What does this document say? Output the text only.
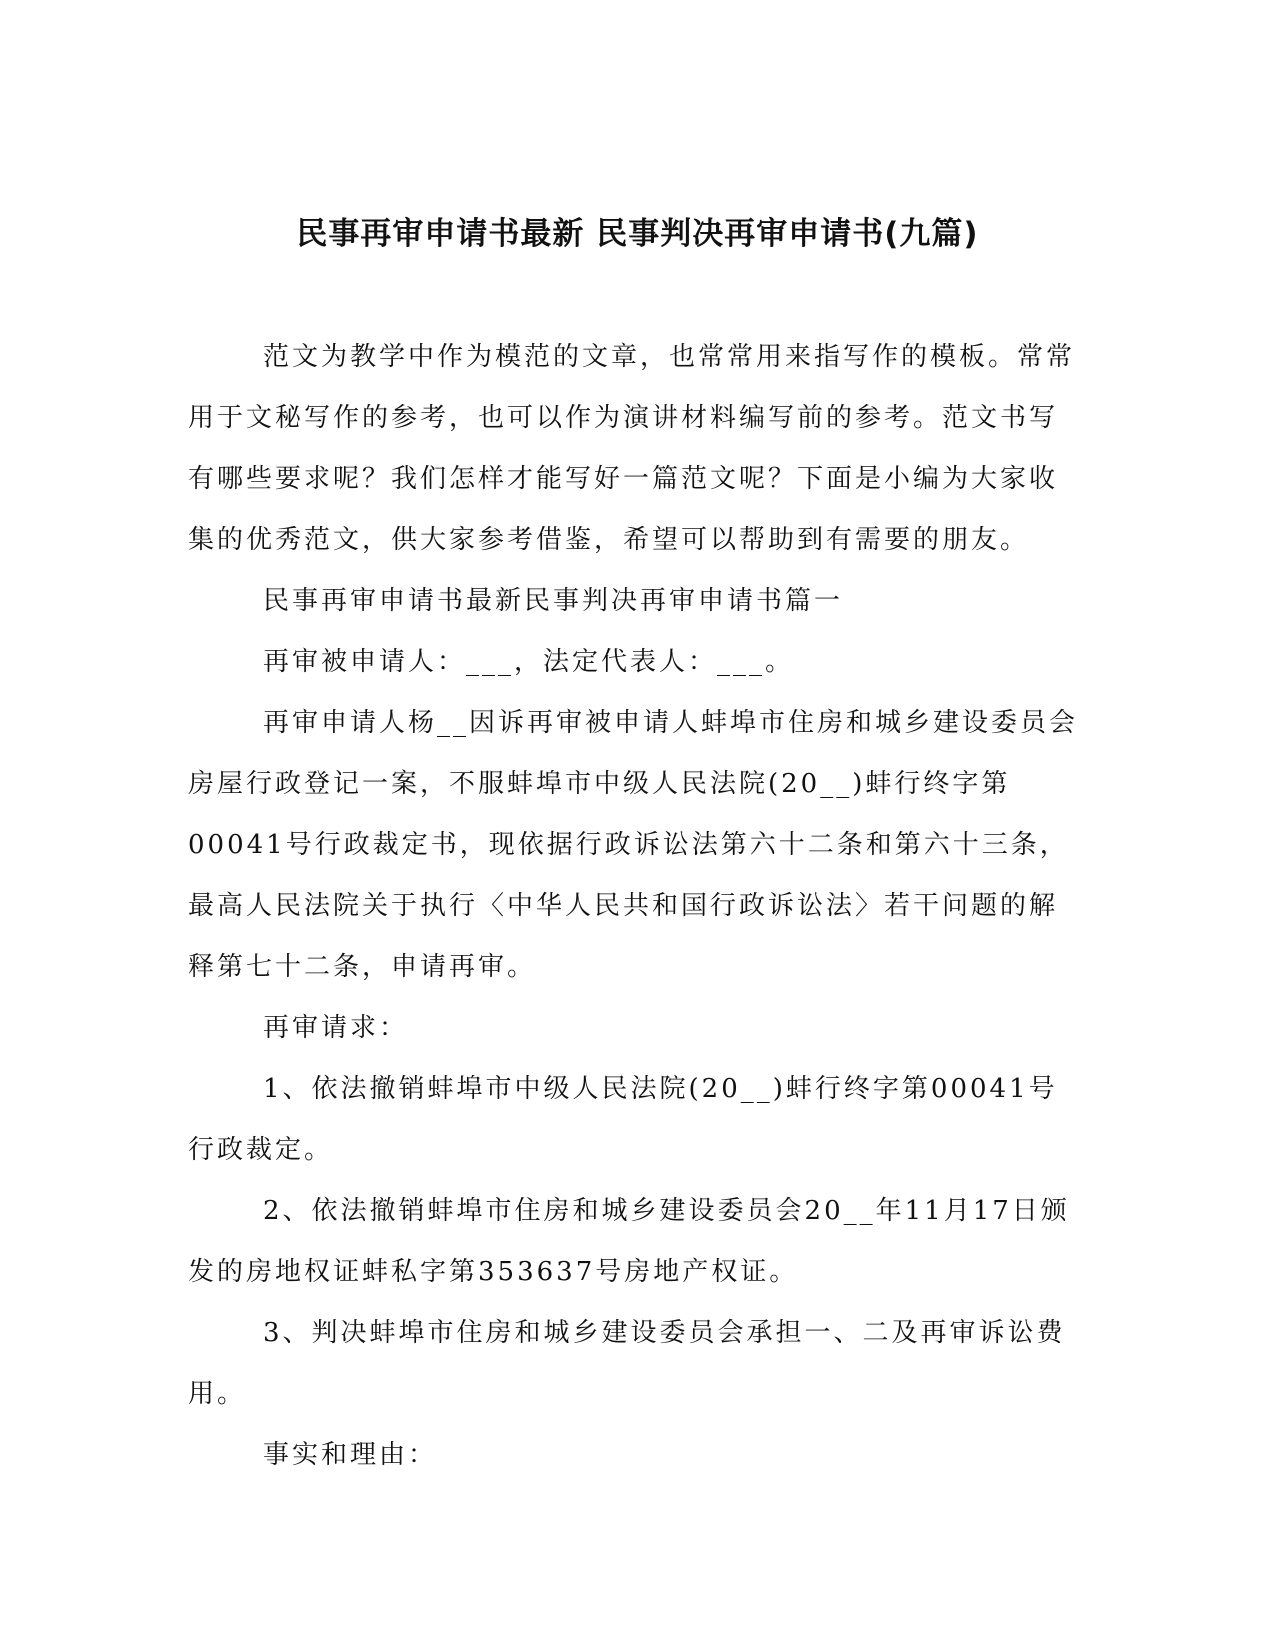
民事再审申请书最新 民事判决再审申请书(九篇)

范文为教学中作为模范的文章，也常常用来指写作的模板。常常用于文秘写作的参考，也可以作为演讲材料编写前的参考。范文书写有哪些要求呢？我们怎样才能写好一篇范文呢？下面是小编为大家收集的优秀范文，供大家参考借鉴，希望可以帮助到有需要的朋友。

民事再审申请书最新民事判决再审申请书篇一

再审被申请人：___，法定代表人：___。

再审申请人杨__因诉再审被申请人蚌埠市住房和城乡建设委员会房屋行政登记一案，不服蚌埠市中级人民法院(20__)蚌行终字第00041号行政裁定书，现依据行政诉讼法第六十二条和第六十三条，最高人民法院关于执行〈中华人民共和国行政诉讼法〉若干问题的解释第七十二条，申请再审。

再审请求：

1、依法撤销蚌埠市中级人民法院(20__)蚌行终字第00041号行政裁定。

2、依法撤销蚌埠市住房和城乡建设委员会20__年11月17日颁发的房地权证蚌私字第353637号房地产权证。

3、判决蚌埠市住房和城乡建设委员会承担一、二及再审诉讼费用。

事实和理由：
